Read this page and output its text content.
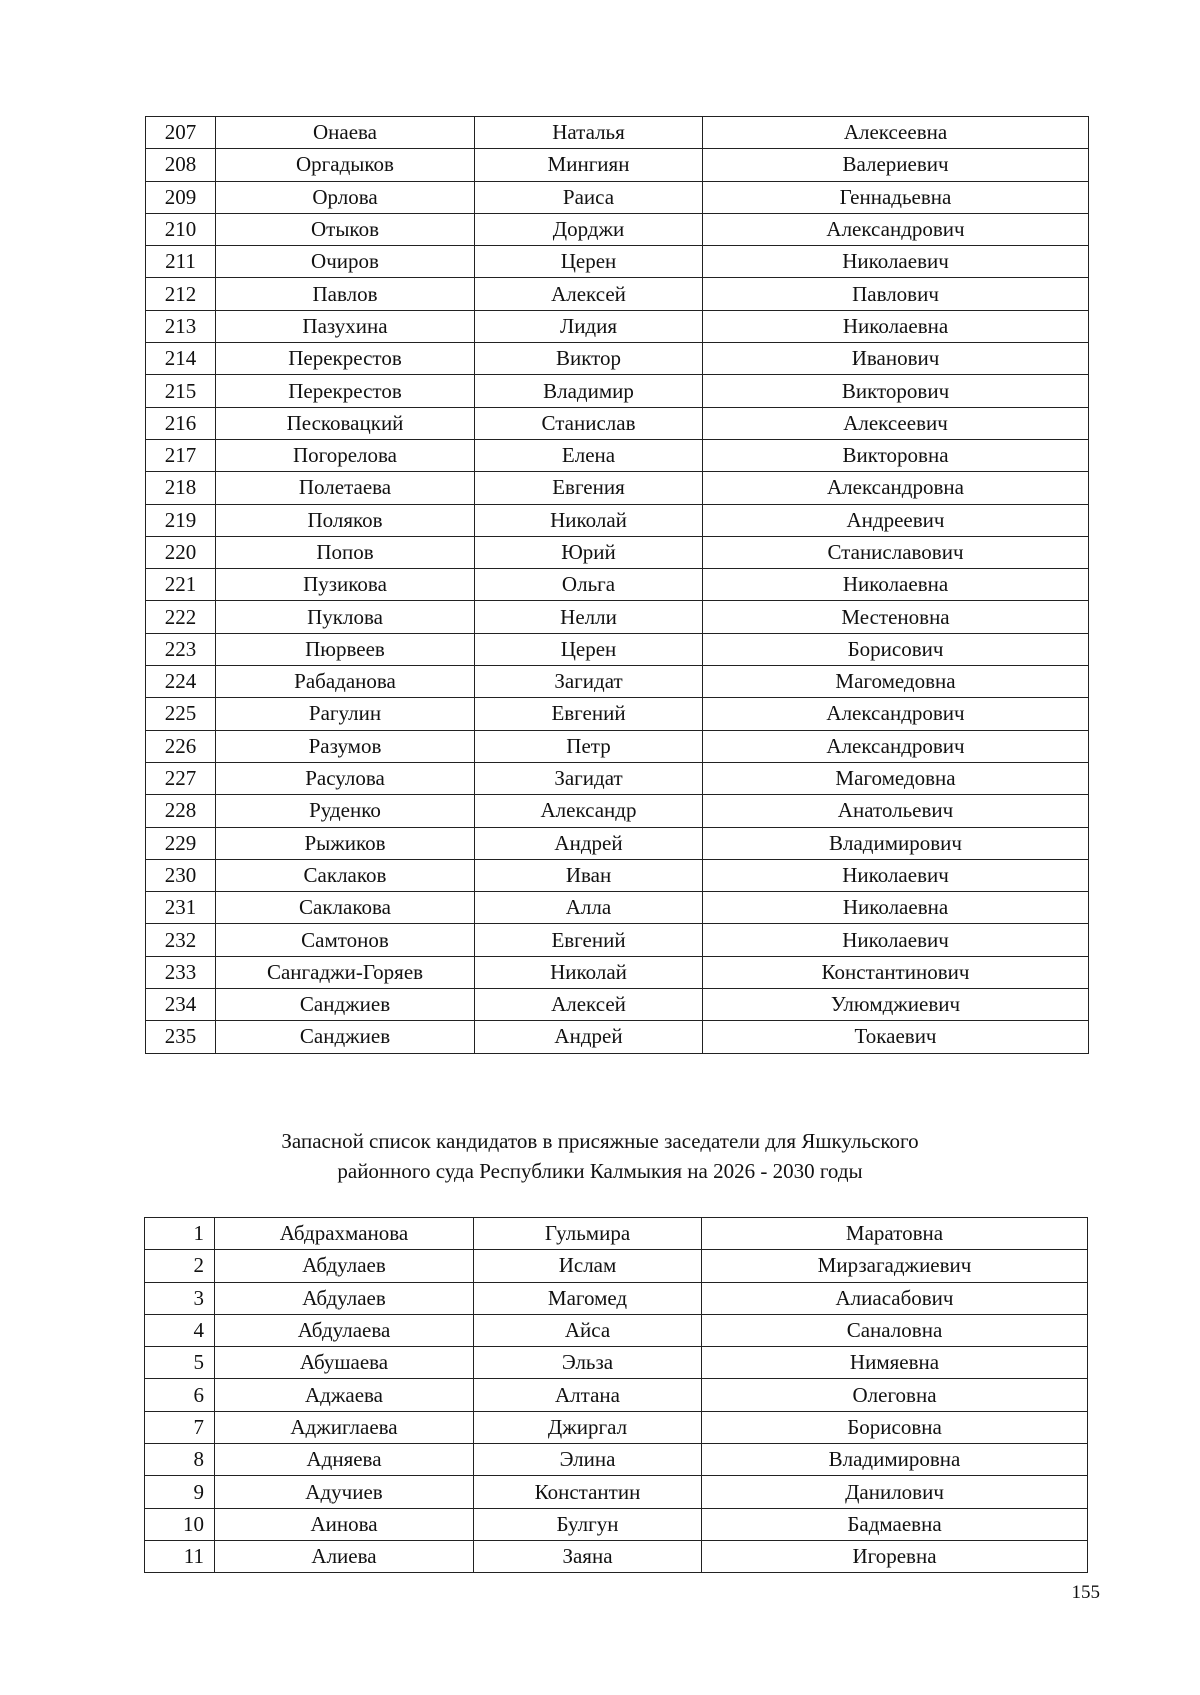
207	Онаева	Наталья	Алексеевна
208	Оргадыков	Мингиян	Валериевич
209	Орлова	Раиса	Геннадьевна
210	Отыков	Дорджи	Александрович
211	Очиров	Церен	Николаевич
212	Павлов	Алексей	Павлович
213	Пазухина	Лидия	Николаевна
214	Перекрестов	Виктор	Иванович
215	Перекрестов	Владимир	Викторович
216	Песковацкий	Станислав	Алексеевич
217	Погорелова	Елена	Викторовна
218	Полетаева	Евгения	Александровна
219	Поляков	Николай	Андреевич
220	Попов	Юрий	Станиславович
221	Пузикова	Ольга	Николаевна
222	Пуклова	Нелли	Местеновна
223	Пюрвеев	Церен	Борисович
224	Рабаданова	Загидат	Магомедовна
225	Рагулин	Евгений	Александрович
226	Разумов	Петр	Александрович
227	Расулова	Загидат	Магомедовна
228	Руденко	Александр	Анатольевич
229	Рыжиков	Андрей	Владимирович
230	Саклаков	Иван	Николаевич
231	Саклакова	Алла	Николаевна
232	Самтонов	Евгений	Николаевич
233	Сангаджи-Горяев	Николай	Константинович
234	Санджиев	Алексей	Улюмджиевич
235	Санджиев	Андрей	Токаевич
Запасной список кандидатов в присяжные заседатели для Яшкульского
районного суда Республики Калмыкия на 2026 - 2030 годы
1	Абдрахманова	Гульмира	Маратовна
2	Абдулаев	Ислам	Мирзагаджиевич
3	Абдулаев	Магомед	Алиасабович
4	Абдулаева	Айса	Саналовна
5	Абушаева	Эльза	Нимяевна
6	Аджаева	Алтана	Олеговна
7	Аджиглаева	Джиргал	Борисовна
8	Адняева	Элина	Владимировна
9	Адучиев	Константин	Данилович
10	Аинова	Булгун	Бадмаевна
11	Алиева	Заяна	Игоревна
155
